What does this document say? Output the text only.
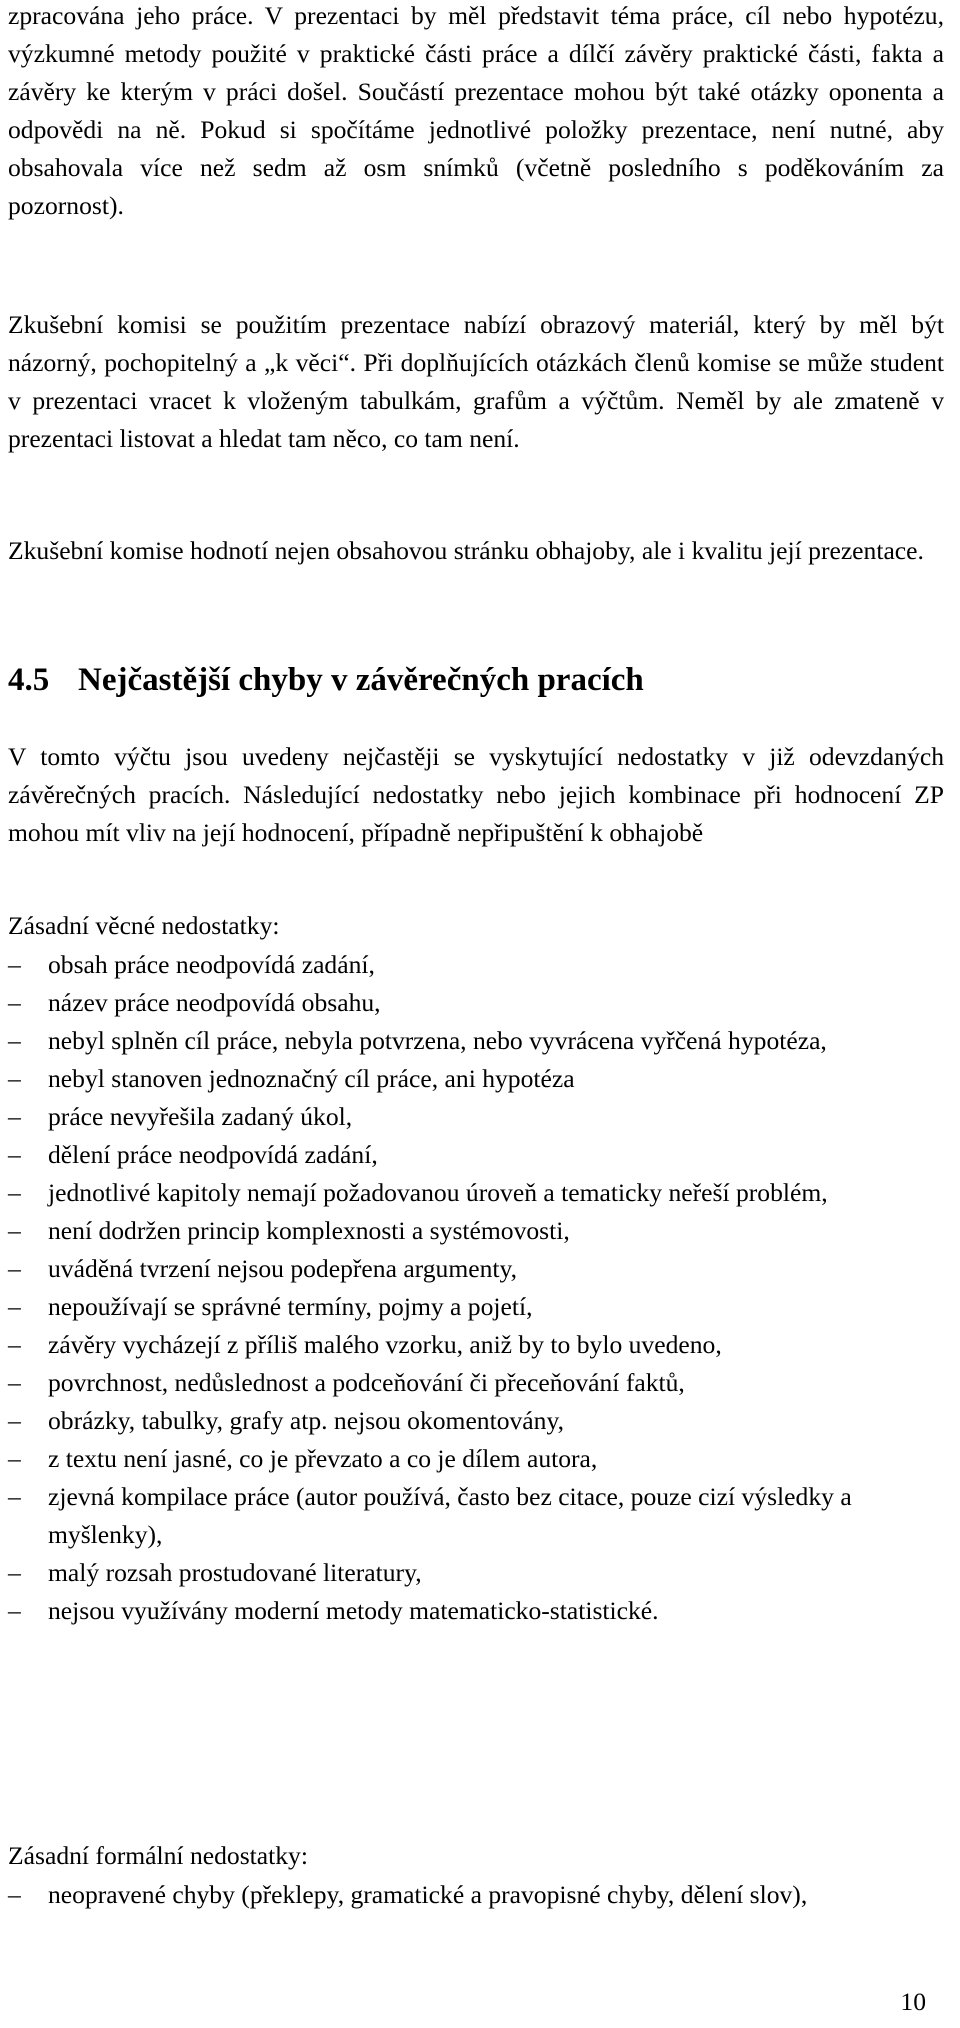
zpracována jeho práce. V prezentaci by měl představit téma práce, cíl nebo hypotézu, výzkumné metody použité v praktické části práce a dílčí závěry praktické části, fakta a závěry ke kterým v práci došel. Součástí prezentace mohou být také otázky oponenta a odpovědi na ně. Pokud si spočítáme jednotlivé položky prezentace, není nutné, aby obsahovala více než sedm až osm snímků (včetně posledního s poděkováním za pozornost).

Zkušební komisi se použitím prezentace nabízí obrazový materiál, který by měl být názorný, pochopitelný a „k věci“. Při doplňujících otázkách členů komise se může student v prezentaci vracet k vloženým tabulkám, grafům a výčtům. Neměl by ale zmateně v prezentaci listovat a hledat tam něco, co tam není.

Zkušební komise hodnotí nejen obsahovou stránku obhajoby, ale i kvalitu její prezentace.

4.5 Nejčastější chyby v závěrečných pracích

V tomto výčtu jsou uvedeny nejčastěji se vyskytující nedostatky v již odevzdaných závěrečných pracích. Následující nedostatky nebo jejich kombinace při hodnocení ZP mohou mít vliv na její hodnocení, případně nepřipuštění k obhajobě

Zásadní věcné nedostatky:

–	obsah práce neodpovídá zadání,
–	název práce neodpovídá obsahu,
–	nebyl splněn cíl práce, nebyla potvrzena, nebo vyvrácena vyřčená hypotéza,
–	nebyl stanoven jednoznačný cíl práce, ani hypotéza
–	práce nevyřešila zadaný úkol,
–	dělení práce neodpovídá zadání,
–	jednotlivé kapitoly nemají požadovanou úroveň a tematicky neřeší problém,
–	není dodržen princip komplexnosti a systémovosti,
–	uváděná tvrzení nejsou podepřena argumenty,
–	nepoužívají se správné termíny, pojmy a pojetí,
–	závěry vycházejí z příliš malého vzorku, aniž by to bylo uvedeno,
–	povrchnost, nedůslednost a podceňování či přeceňování faktů,
–	obrázky, tabulky, grafy atp. nejsou okomentovány,
–	z textu není jasné, co je převzato a co je dílem autora,
–	zjevná kompilace práce (autor používá, často bez citace, pouze cizí výsledky a myšlenky),
–	malý rozsah prostudované literatury,
–	nejsou využívány moderní metody matematicko-statistické.

Zásadní formální nedostatky:

–	neopravené chyby (překlepy, gramatické a pravopisné chyby, dělení slov),

10
